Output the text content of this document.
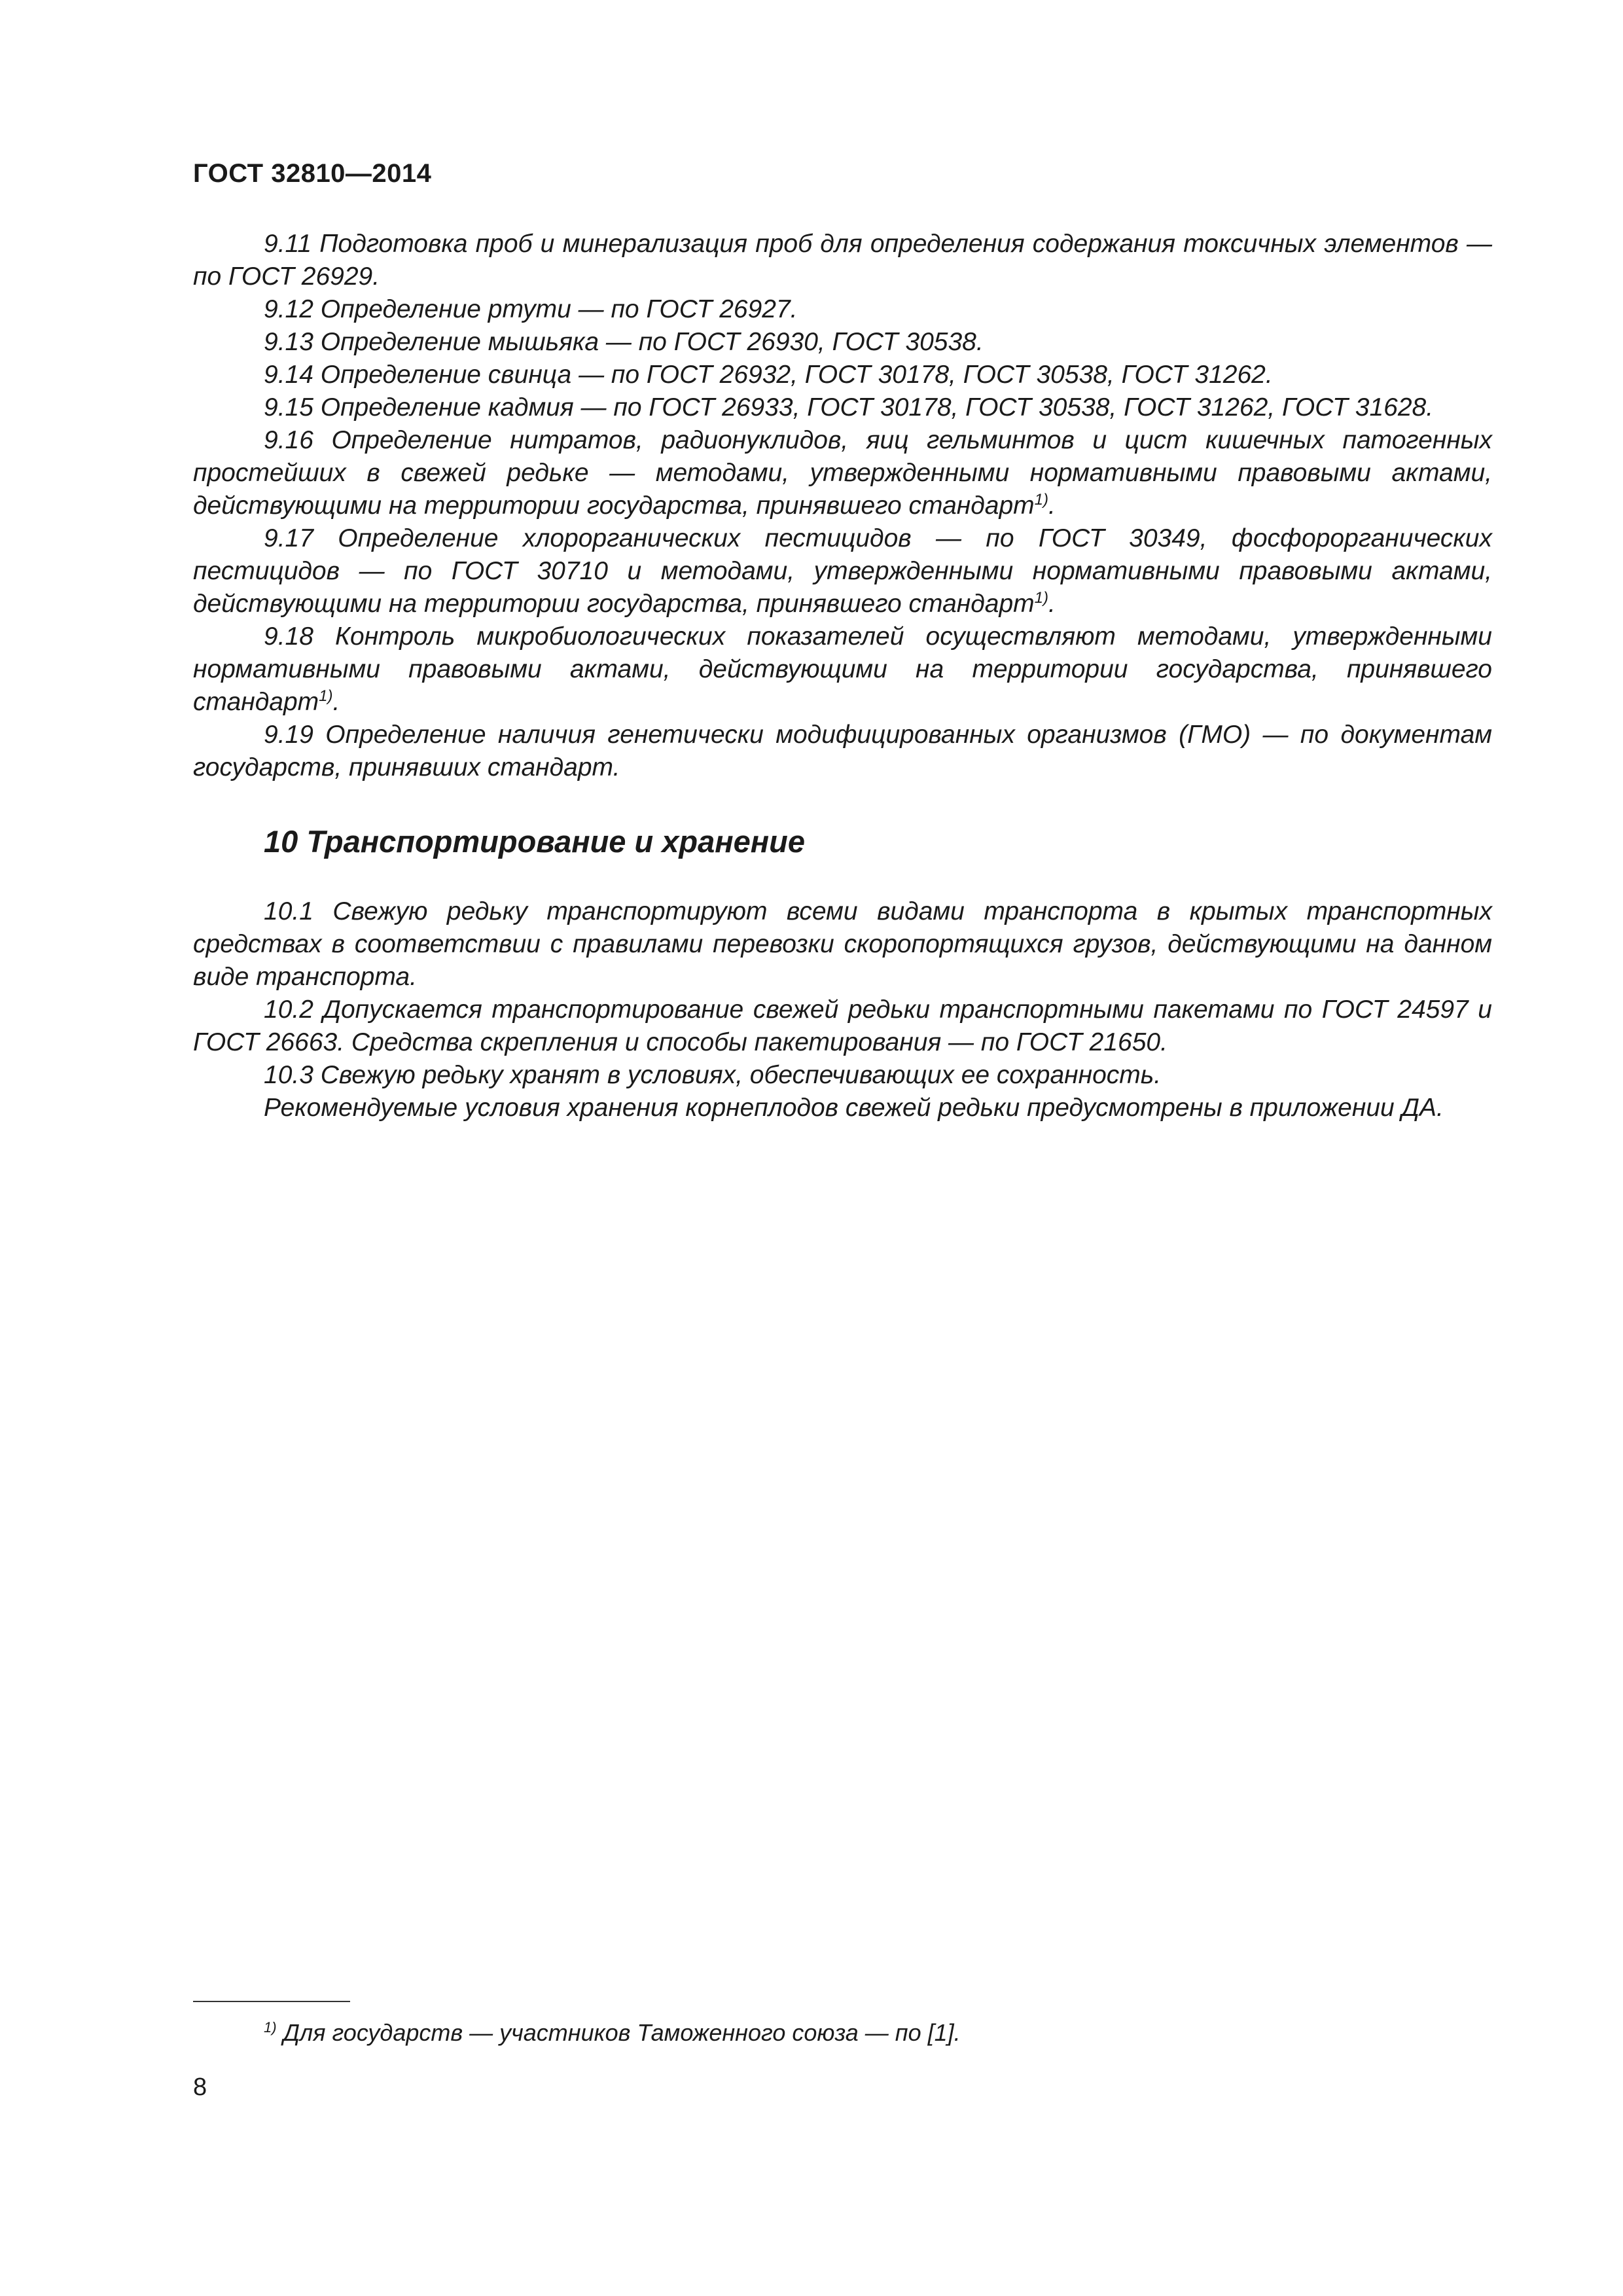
ГОСТ 32810—2014

9.11 Подготовка проб и минерализация проб для определения содержания токсичных элементов — по ГОСТ 26929.

9.12 Определение ртути — по ГОСТ 26927.

9.13 Определение мышьяка — по ГОСТ 26930, ГОСТ 30538.

9.14 Определение свинца — по ГОСТ 26932, ГОСТ 30178, ГОСТ 30538, ГОСТ 31262.

9.15 Определение кадмия — по ГОСТ 26933, ГОСТ 30178, ГОСТ 30538, ГОСТ 31262, ГОСТ 31628.

9.16 Определение нитратов, радионуклидов, яиц гельминтов и цист кишечных патогенных простейших в свежей редьке — методами, утвержденными нормативными правовыми актами, действующими на территории государства, принявшего стандарт$^{1)}$.

9.17 Определение хлорорганических пестицидов — по ГОСТ 30349, фосфорорганических пестицидов — по ГОСТ 30710 и методами, утвержденными нормативными правовыми актами, действующими на территории государства, принявшего стандарт$^{1)}$.

9.18 Контроль микробиологических показателей осуществляют методами, утвержденными нормативными правовыми актами, действующими на территории государства, принявшего стандарт$^{1)}$.

9.19 Определение наличия генетически модифицированных организмов (ГМО) — по документам государств, принявших стандарт.

10 Транспортирование и хранение

10.1 Свежую редьку транспортируют всеми видами транспорта в крытых транспортных средствах в соответствии с правилами перевозки скоропортящихся грузов, действующими на данном виде транспорта.

10.2 Допускается транспортирование свежей редьки транспортными пакетами по ГОСТ 24597 и ГОСТ 26663. Средства скрепления и способы пакетирования — по ГОСТ 21650.

10.3 Свежую редьку хранят в условиях, обеспечивающих ее сохранность.

Рекомендуемые условия хранения корнеплодов свежей редьки предусмотрены в приложении ДА.

$^{1)}$ Для государств — участников Таможенного союза — по [1].
8
